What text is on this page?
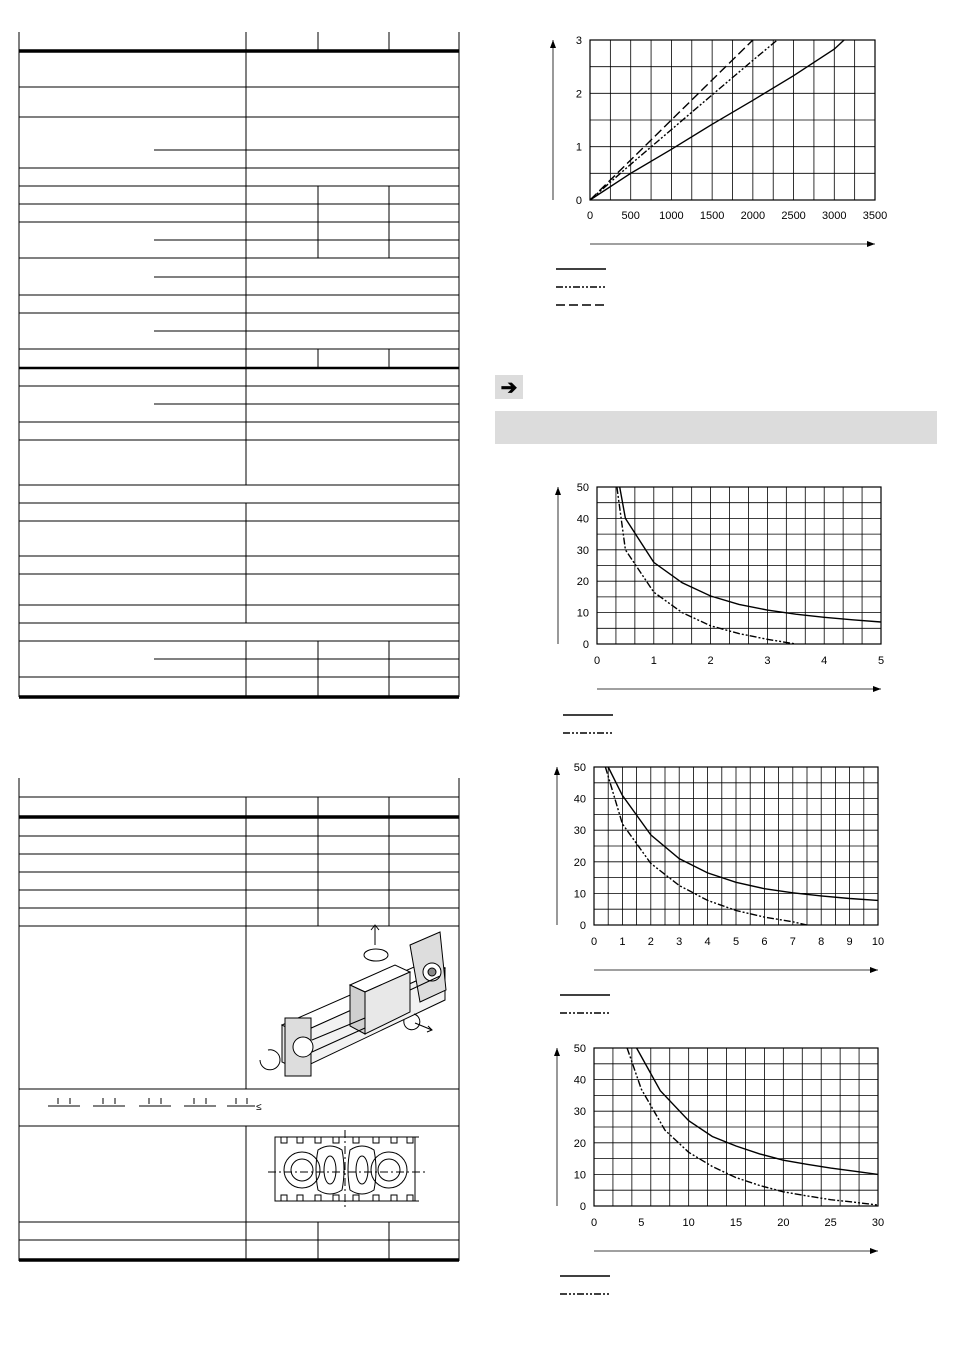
≤
0	500 1000 1500 2000 2500 3000 3500
0
1
2
3
0	1	2	3	4	5
0
10
20
30
40
50
0 1 2 3 4 5 6 7 8 9 10
0
10
20
30
40
50
0	5	10	15	20	25	30
0
10
20
30
40
50
➔
